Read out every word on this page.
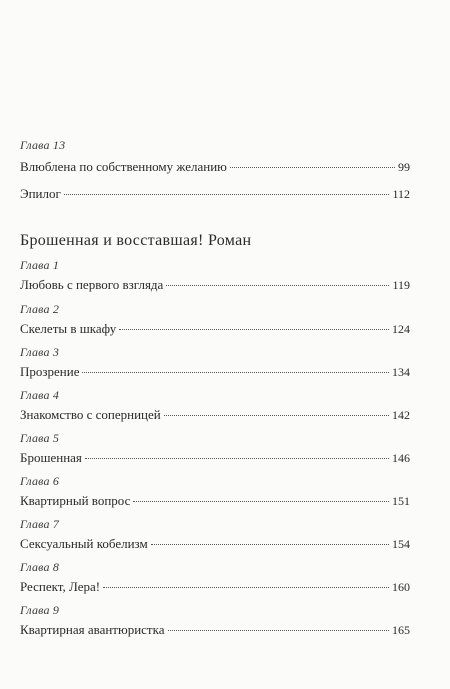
Глава 13
Влюблена по собственному желанию	99
Эпилог	112
Брошенная и восставшая! Роман
Глава 1
Любовь с первого взгляда	119
Глава 2
Скелеты в шкафу	124
Глава 3
Прозрение	134
Глава 4
Знакомство с соперницей	142
Глава 5
Брошенная	146
Глава 6
Квартирный вопрос	151
Глава 7
Сексуальный кобелизм	154
Глава 8
Респект, Лера!	160
Глава 9
Квартирная авантюристка	165
